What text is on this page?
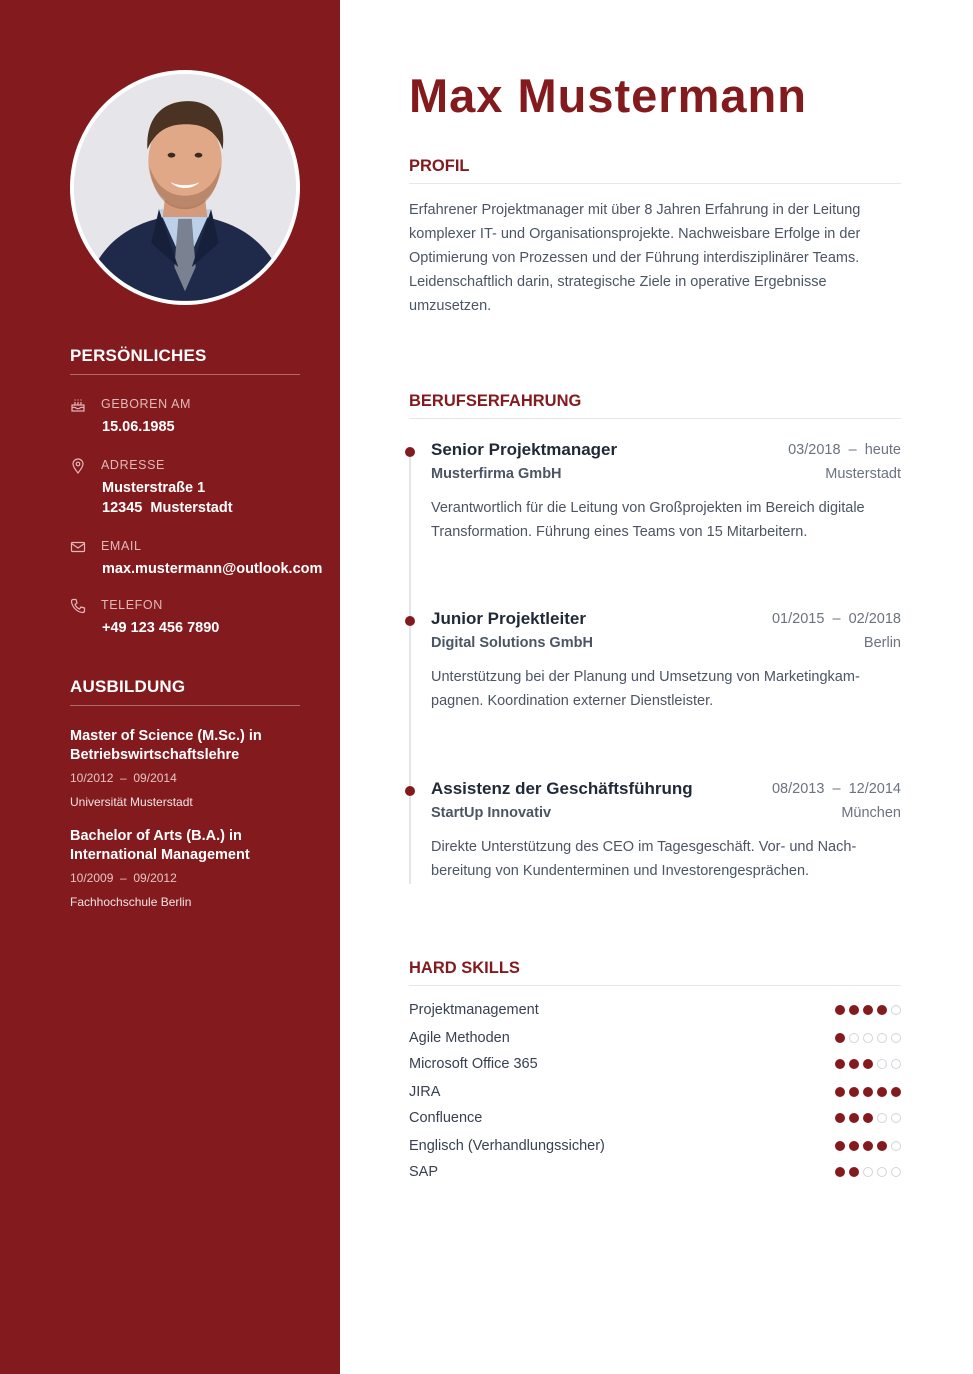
PERSÖNLICHES
GEBOREN AM
15.06.1985
ADRESSE
Musterstraße 1
12345  Musterstadt
EMAIL
max.mustermann@outlook.com
TELEFON
+49 123 456 7890
AUSBILDUNG
Master of Science (M.Sc.) in
Betriebswirtschaftslehre
10/2012  –  09/2014
Universität Musterstadt
Bachelor of Arts (B.A.) in
International Management
10/2009  –  09/2012
Fachhochschule Berlin
Max Mustermann
PROFIL

Erfahrener Projektmanager mit über 8 Jahren Erfahrung in der Leitung komplexer IT- und Organisationsprojekte. Nachweisbare Erfolge in der Optimierung von Prozessen und der Führung interdisziplinärer Teams. Leidenschaftlich darin, strategische Ziele in operative Ergebnisse umzusetzen.

BERUFSERFAHRUNG
Senior Projektmanager	03/2018  –  heute
Musterfirma GmbH	Musterstadt

Verantwortlich für die Leitung von Großprojekten im Bereich digitale Transformation. Führung eines Teams von 15 Mitarbeitern.

Junior Projektleiter	01/2015  –  02/2018
Digital Solutions GmbH	Berlin

Unterstützung bei der Planung und Umsetzung von Marketingkampagnen. Koordination externer Dienstleister.

Assistenz der Geschäftsführung	08/2013  –  12/2014
StartUp Innovativ	München

Direkte Unterstützung des CEO im Tagesgeschäft. Vor- und Nachbereitung von Kundenterminen und Investorengesprächen.

HARD SKILLS
Projektmanagement
Agile Methoden
Microsoft Office 365
JIRA
Confluence
Englisch (Verhandlungssicher)
SAP
